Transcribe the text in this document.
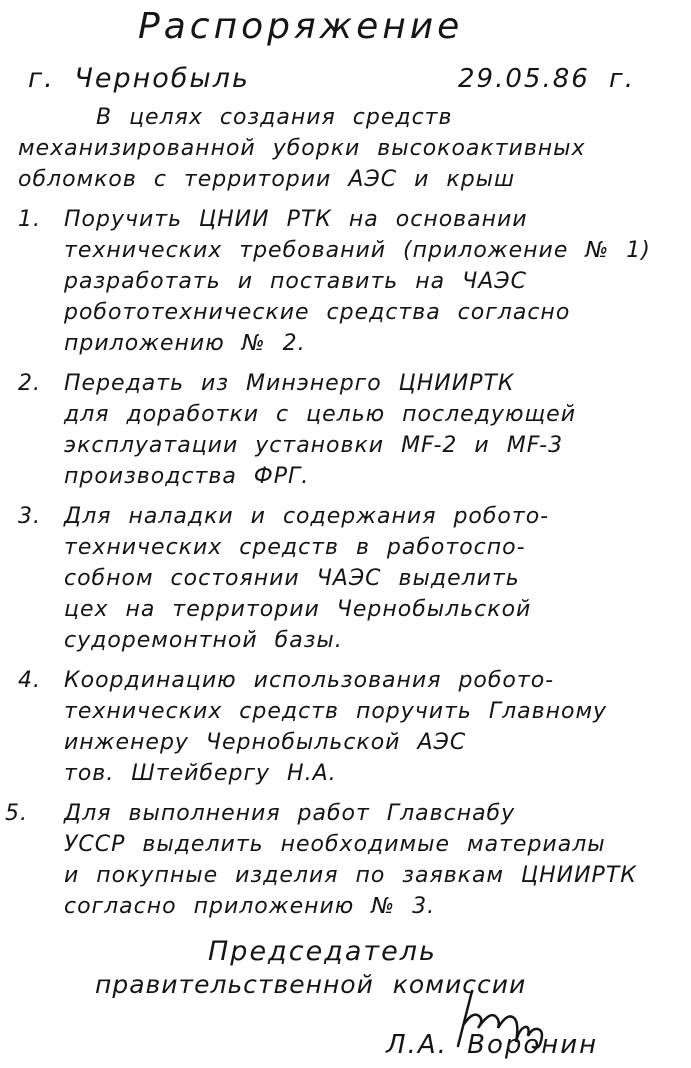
Распоряжение
г. Чернобыль	29.05.86 г.
В целях создания средств
механизированной уборки высокоактивных
обломков с территории АЭС и крыш
1.	Поручить ЦНИИ РТК на основании
технических требований (приложение № 1)
разработать и поставить на ЧАЭС
робототехнические средства согласно
приложению № 2.
2.	Передать из Минэнерго ЦНИИРТК
для доработки с целью последующей
эксплуатации установки MF-2 и MF-3
производства ФРГ.
3.	Для наладки и содержания робото-
технических средств в работоспо-
собном состоянии ЧАЭС выделить
цех на территории Чернобыльской
судоремонтной базы.
4.	Координацию использования робото-
технических средств поручить Главному
инженеру Чернобыльской АЭС
тов. Штейбергу Н.А.
5.	Для выполнения работ Главснабу
УССР выделить необходимые материалы
и покупные изделия по заявкам ЦНИИРТК
согласно приложению № 3.
Председатель
правительственной комиссии
Л.А. Воронин
